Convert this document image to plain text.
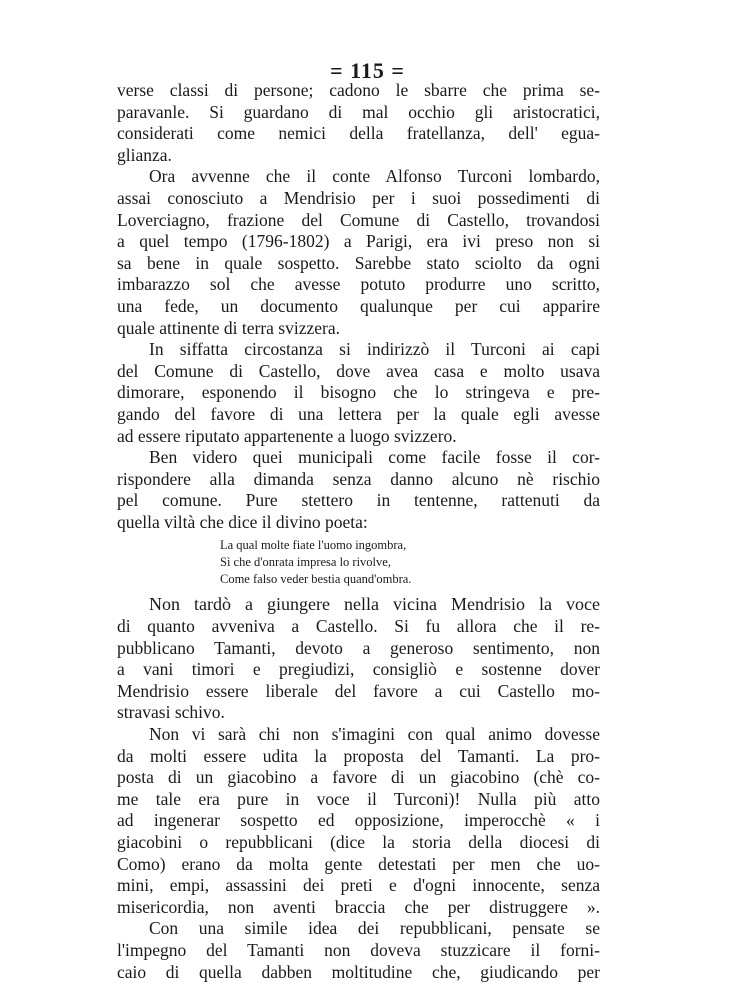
= 115 =
verse classi di persone; cadono le sbarre che prima se-
paravanle. Si guardano di mal occhio gli aristocratici,
considerati come nemici della fratellanza, dell' egua-
glianza.
Ora avvenne che il conte Alfonso Turconi lombardo,
assai conosciuto a Mendrisio per i suoi possedimenti di
Loverciagno, frazione del Comune di Castello, trovandosi
a quel tempo (1796-1802) a Parigi, era ivi preso non si
sa bene in quale sospetto. Sarebbe stato sciolto da ogni
imbarazzo sol che avesse potuto produrre uno scritto,
una fede, un documento qualunque per cui apparire
quale attinente di terra svizzera.
In siffatta circostanza si indirizzò il Turconi ai capi
del Comune di Castello, dove avea casa e molto usava
dimorare, esponendo il bisogno che lo stringeva e pre-
gando del favore di una lettera per la quale egli avesse
ad essere riputato appartenente a luogo svizzero.
Ben videro quei municipali come facile fosse il cor-
rispondere alla dimanda senza danno alcuno nè rischio
pel comune. Pure stettero in tentenne, rattenuti da
quella viltà che dice il divino poeta:
La qual molte fiate l'uomo ingombra,
Sì che d'onrata impresa lo rivolve,
Come falso veder bestia quand'ombra.
Non tardò a giungere nella vicina Mendrisio la voce
di quanto avveniva a Castello. Si fu allora che il re-
pubblicano Tamanti, devoto a generoso sentimento, non
a vani timori e pregiudizi, consigliò e sostenne dover
Mendrisio essere liberale del favore a cui Castello mo-
stravasi schivo.
Non vi sarà chi non s'imagini con qual animo dovesse
da molti essere udita la proposta del Tamanti. La pro-
posta di un giacobino a favore di un giacobino (chè co-
me tale era pure in voce il Turconi)! Nulla più atto
ad ingenerar sospetto ed opposizione, imperocchè « i
giacobini o repubblicani (dice la storia della diocesi di
Como) erano da molta gente detestati per men che uo-
mini, empi, assassini dei preti e d'ogni innocente, senza
misericordia, non aventi braccia che per distruggere ».
Con una simile idea dei repubblicani, pensate se
l'impegno del Tamanti non doveva stuzzicare il forni-
caio di quella dabben moltitudine che, giudicando per
